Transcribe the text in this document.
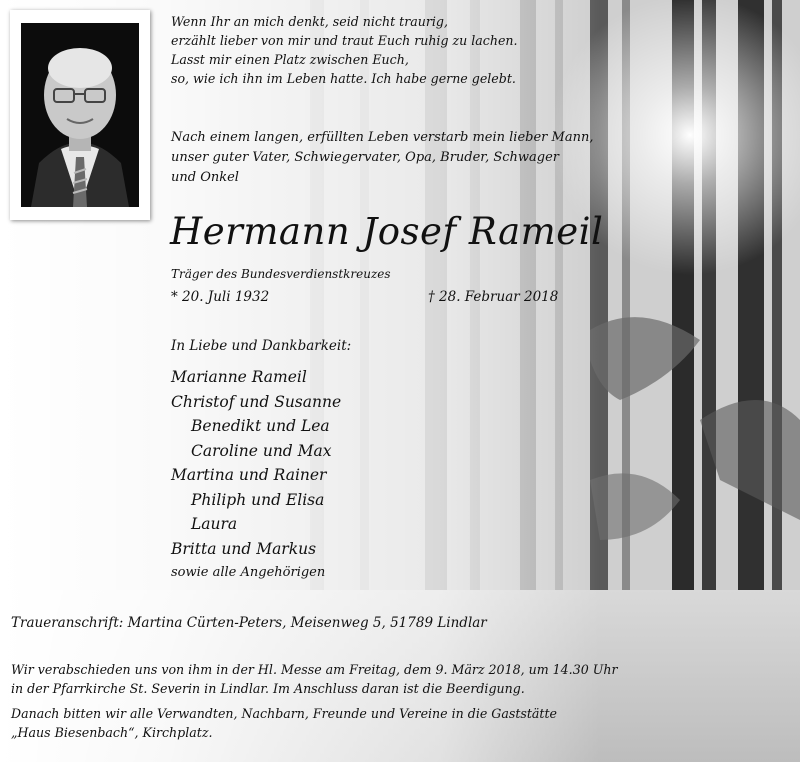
Wenn Ihr an mich denkt, seid nicht traurig,
erzählt lieber von mir und traut Euch ruhig zu lachen.
Lasst mir einen Platz zwischen Euch,
so, wie ich ihn im Leben hatte. Ich habe gerne gelebt.
Nach einem langen, erfüllten Leben verstarb mein lieber Mann,
unser guter Vater, Schwiegervater, Opa, Bruder, Schwager
und Onkel
Hermann Josef Rameil
Träger des Bundesverdienstkreuzes
* 20. Juli 1932	† 28. Februar 2018
In Liebe und Dankbarkeit:
Marianne Rameil
Christof und Susanne
Benedikt und Lea
Caroline und Max
Martina und Rainer
Philiph und Elisa
Laura
Britta und Markus
sowie alle Angehörigen
Traueranschrift: Martina Cürten-Peters, Meisenweg 5, 51789 Lindlar

Wir verabschieden uns von ihm in der Hl. Messe am Freitag, dem 9. März 2018, um 14.30 Uhr

in der Pfarrkirche St. Severin in Lindlar. Im Anschluss daran ist die Beerdigung.

Danach bitten wir alle Verwandten, Nachbarn, Freunde und Vereine in die Gaststätte

„Haus Biesenbach“, Kirchplatz.
